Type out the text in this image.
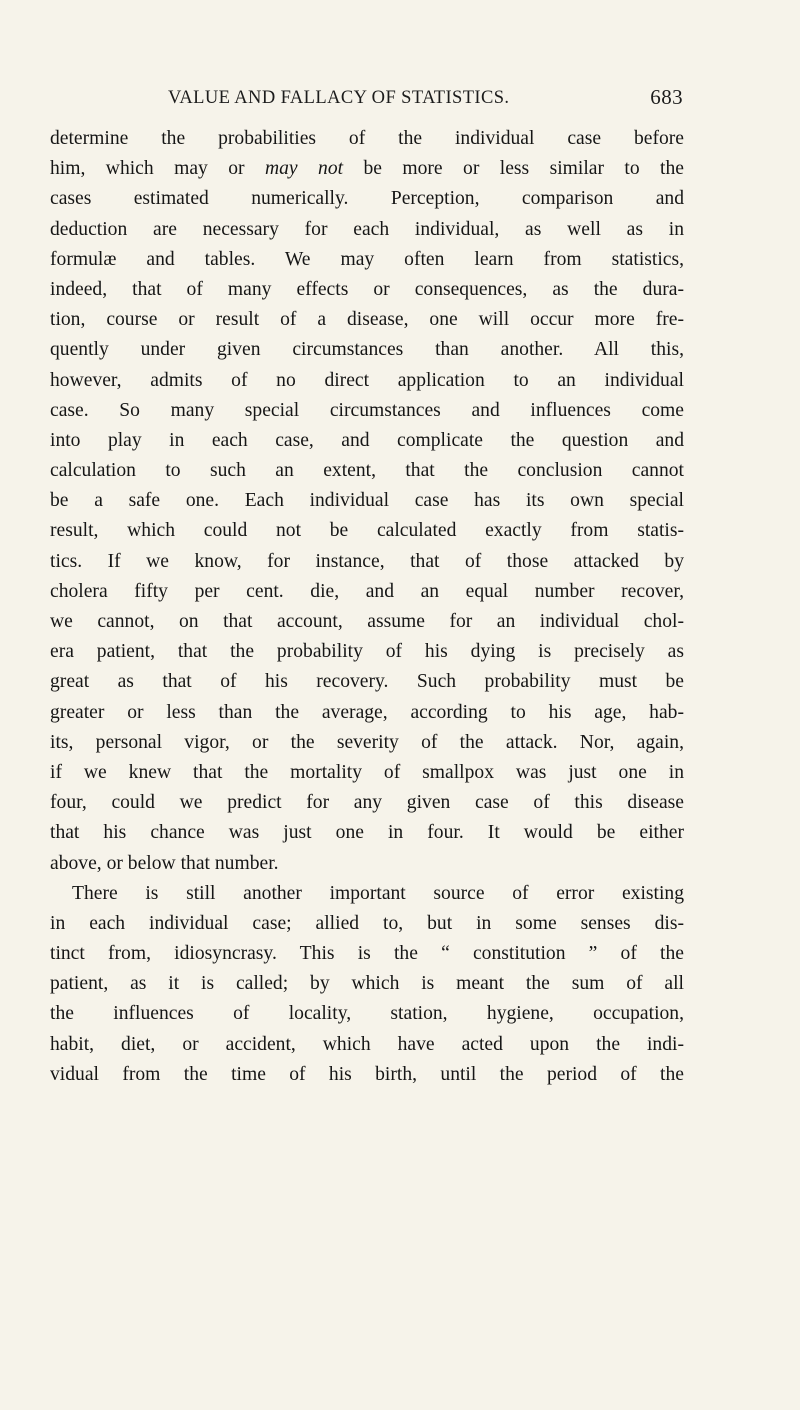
VALUE AND FALLACY OF STATISTICS.	683
determine the probabilities of the individual case before
him, which may or may not be more or less similar to the
cases estimated numerically. Perception, comparison and
deduction are necessary for each individual, as well as in
formulæ and tables. We may often learn from statistics,
indeed, that of many effects or consequences, as the dura-
tion, course or result of a disease, one will occur more fre-
quently under given circumstances than another. All this,
however, admits of no direct application to an individual
case. So many special circumstances and influences come
into play in each case, and complicate the question and
calculation to such an extent, that the conclusion cannot
be a safe one. Each individual case has its own special
result, which could not be calculated exactly from statis-
tics. If we know, for instance, that of those attacked by
cholera fifty per cent. die, and an equal number recover,
we cannot, on that account, assume for an individual chol-
era patient, that the probability of his dying is precisely as
great as that of his recovery. Such probability must be
greater or less than the average, according to his age, hab-
its, personal vigor, or the severity of the attack. Nor, again,
if we knew that the mortality of smallpox was just one in
four, could we predict for any given case of this disease
that his chance was just one in four. It would be either
above, or below that number.
There is still another important source of error existing
in each individual case; allied to, but in some senses dis-
tinct from, idiosyncrasy. This is the “ constitution ” of the
patient, as it is called; by which is meant the sum of all
the influences of locality, station, hygiene, occupation,
habit, diet, or accident, which have acted upon the indi-
vidual from the time of his birth, until the period of the
